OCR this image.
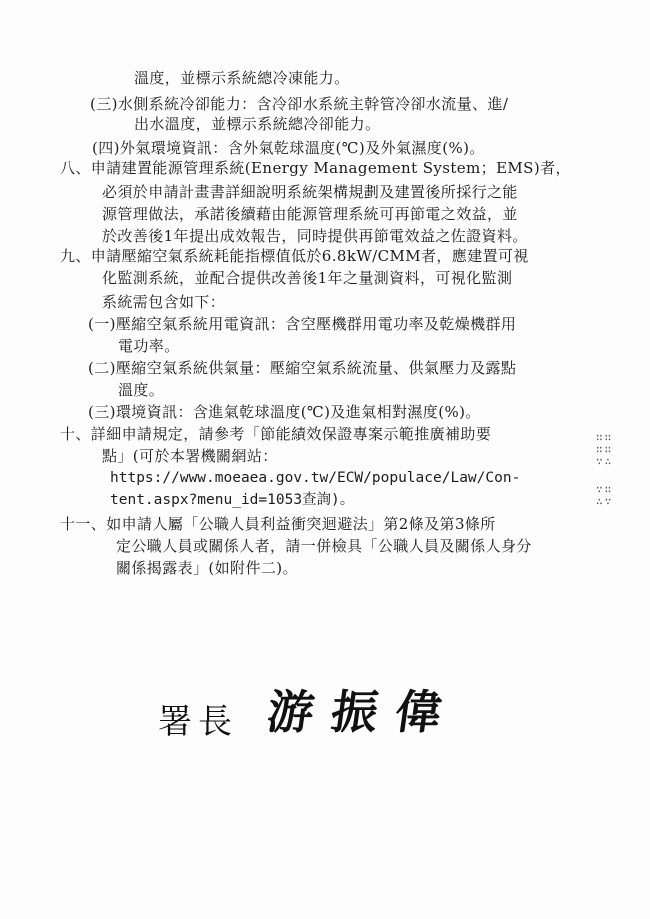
溫度，並標示系統總冷凍能力。
(三)水側系統冷卻能力：含冷卻水系統主幹管冷卻水流量、進/
出水溫度，並標示系統總冷卻能力。
(四)外氣環境資訊：含外氣乾球溫度(℃)及外氣濕度(%)。
八、申請建置能源管理系統(Energy Management System；EMS)者，
必須於申請計畫書詳細說明系統架構規劃及建置後所採行之能
源管理做法，承諾後續藉由能源管理系統可再節電之效益，並
於改善後1年提出成效報告，同時提供再節電效益之佐證資料。
九、申請壓縮空氣系統耗能指標值低於6.8kW/CMM者，應建置可視
化監測系統，並配合提供改善後1年之量測資料，可視化監測
系統需包含如下：
(一)壓縮空氣系統用電資訊：含空壓機群用電功率及乾燥機群用
電功率。
(二)壓縮空氣系統供氣量：壓縮空氣系統流量、供氣壓力及露點
溫度。
(三)環境資訊：含進氣乾球溫度(℃)及進氣相對濕度(%)。
十、詳細申請規定，請參考「節能績效保證專案示範推廣補助要
點」(可於本署機關網站：
https://www.moeaea.gov.tw/ECW/populace/Law/Con-
tent.aspx?menu_id=1053查詢)。
十一、如申請人屬「公職人員利益衝突迴避法」第2條及第3條所
定公職人員或關係人者，請一併檢具「公職人員及關係人身分
關係揭露表」(如附件二)。
∷∷
∷∷
∵∴
∵∷
∴∵
署長 游振偉
